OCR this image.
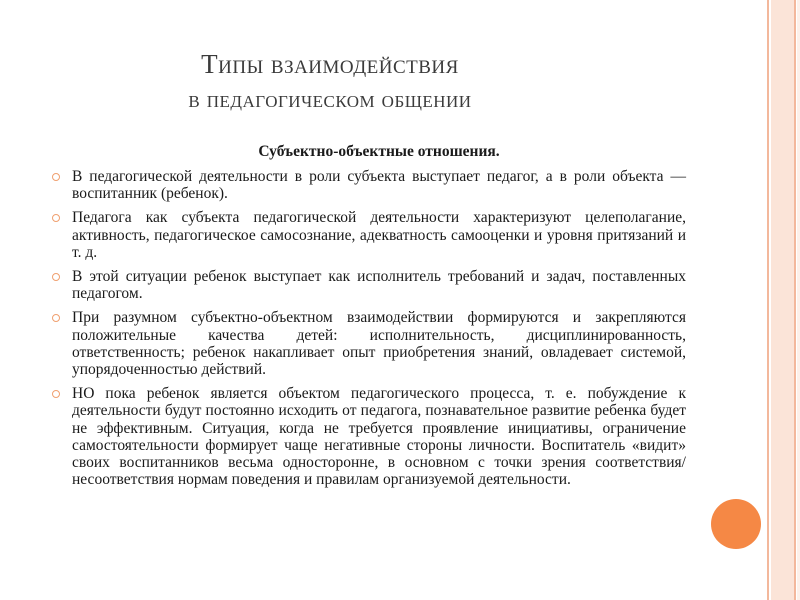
Типы взаимодействия
в педагогическом общении
Субъектно-объектные отношения.
В педагогической деятельности в роли субъекта выступает педагог, а в роли объекта — воспитанник (ребенок).
Педагога как субъекта педагогической деятельности характеризуют целеполагание, активность, педагогическое самосознание, адекватность самооценки и уровня притязаний и т. д.
В этой ситуации ребенок выступает как исполнитель требований и задач, поставленных педагогом.
При разумном субъектно-объектном взаимодействии формируются и закрепляются положительные качества детей: исполнительность, дисциплинированность, ответственность; ребенок накапливает опыт приобретения знаний, овладевает системой, упорядоченностью действий.
НО пока ребенок является объектом педагогического процесса, т. е. побуждение к деятельности будут постоянно исходить от педагога, познавательное развитие ребенка будет не эффективным. Ситуация, когда не требуется проявление инициативы, ограничение самостоятельности формирует чаще негативные стороны личности. Воспитатель «видит» своих воспитанников весьма односторонне, в основном с точки зрения соответствия/несоответствия нормам поведения и правилам организуемой деятельности.
